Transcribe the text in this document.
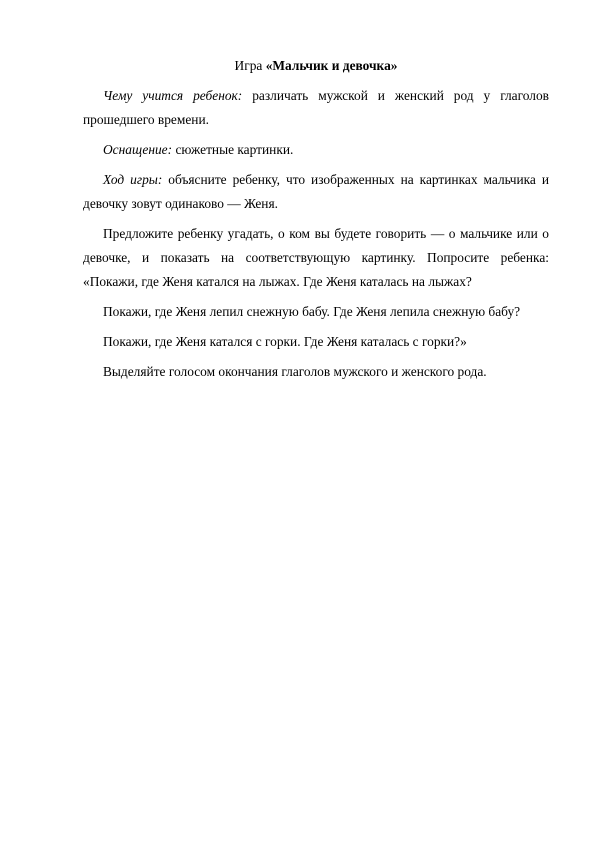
Игра «Мальчик и девочка»

Чему учится ребенок: различать мужской и женский род у глаголов прошедшего времени.

Оснащение: сюжетные картинки.

Ход игры: объясните ребенку, что изображенных на картинках мальчика и девочку зовут одинаково — Женя.

Предложите ребенку угадать, о ком вы будете говорить — о мальчике или о девочке, и показать на соответствующую картинку. Попросите ребенка: «Покажи, где Женя катался на лыжах. Где Женя каталась на лыжах?

Покажи, где Женя лепил снежную бабу. Где Женя лепила снежную бабу?

Покажи, где Женя катался с горки. Где Женя каталась с горки?»

Выделяйте голосом окончания глаголов мужского и женского рода.
